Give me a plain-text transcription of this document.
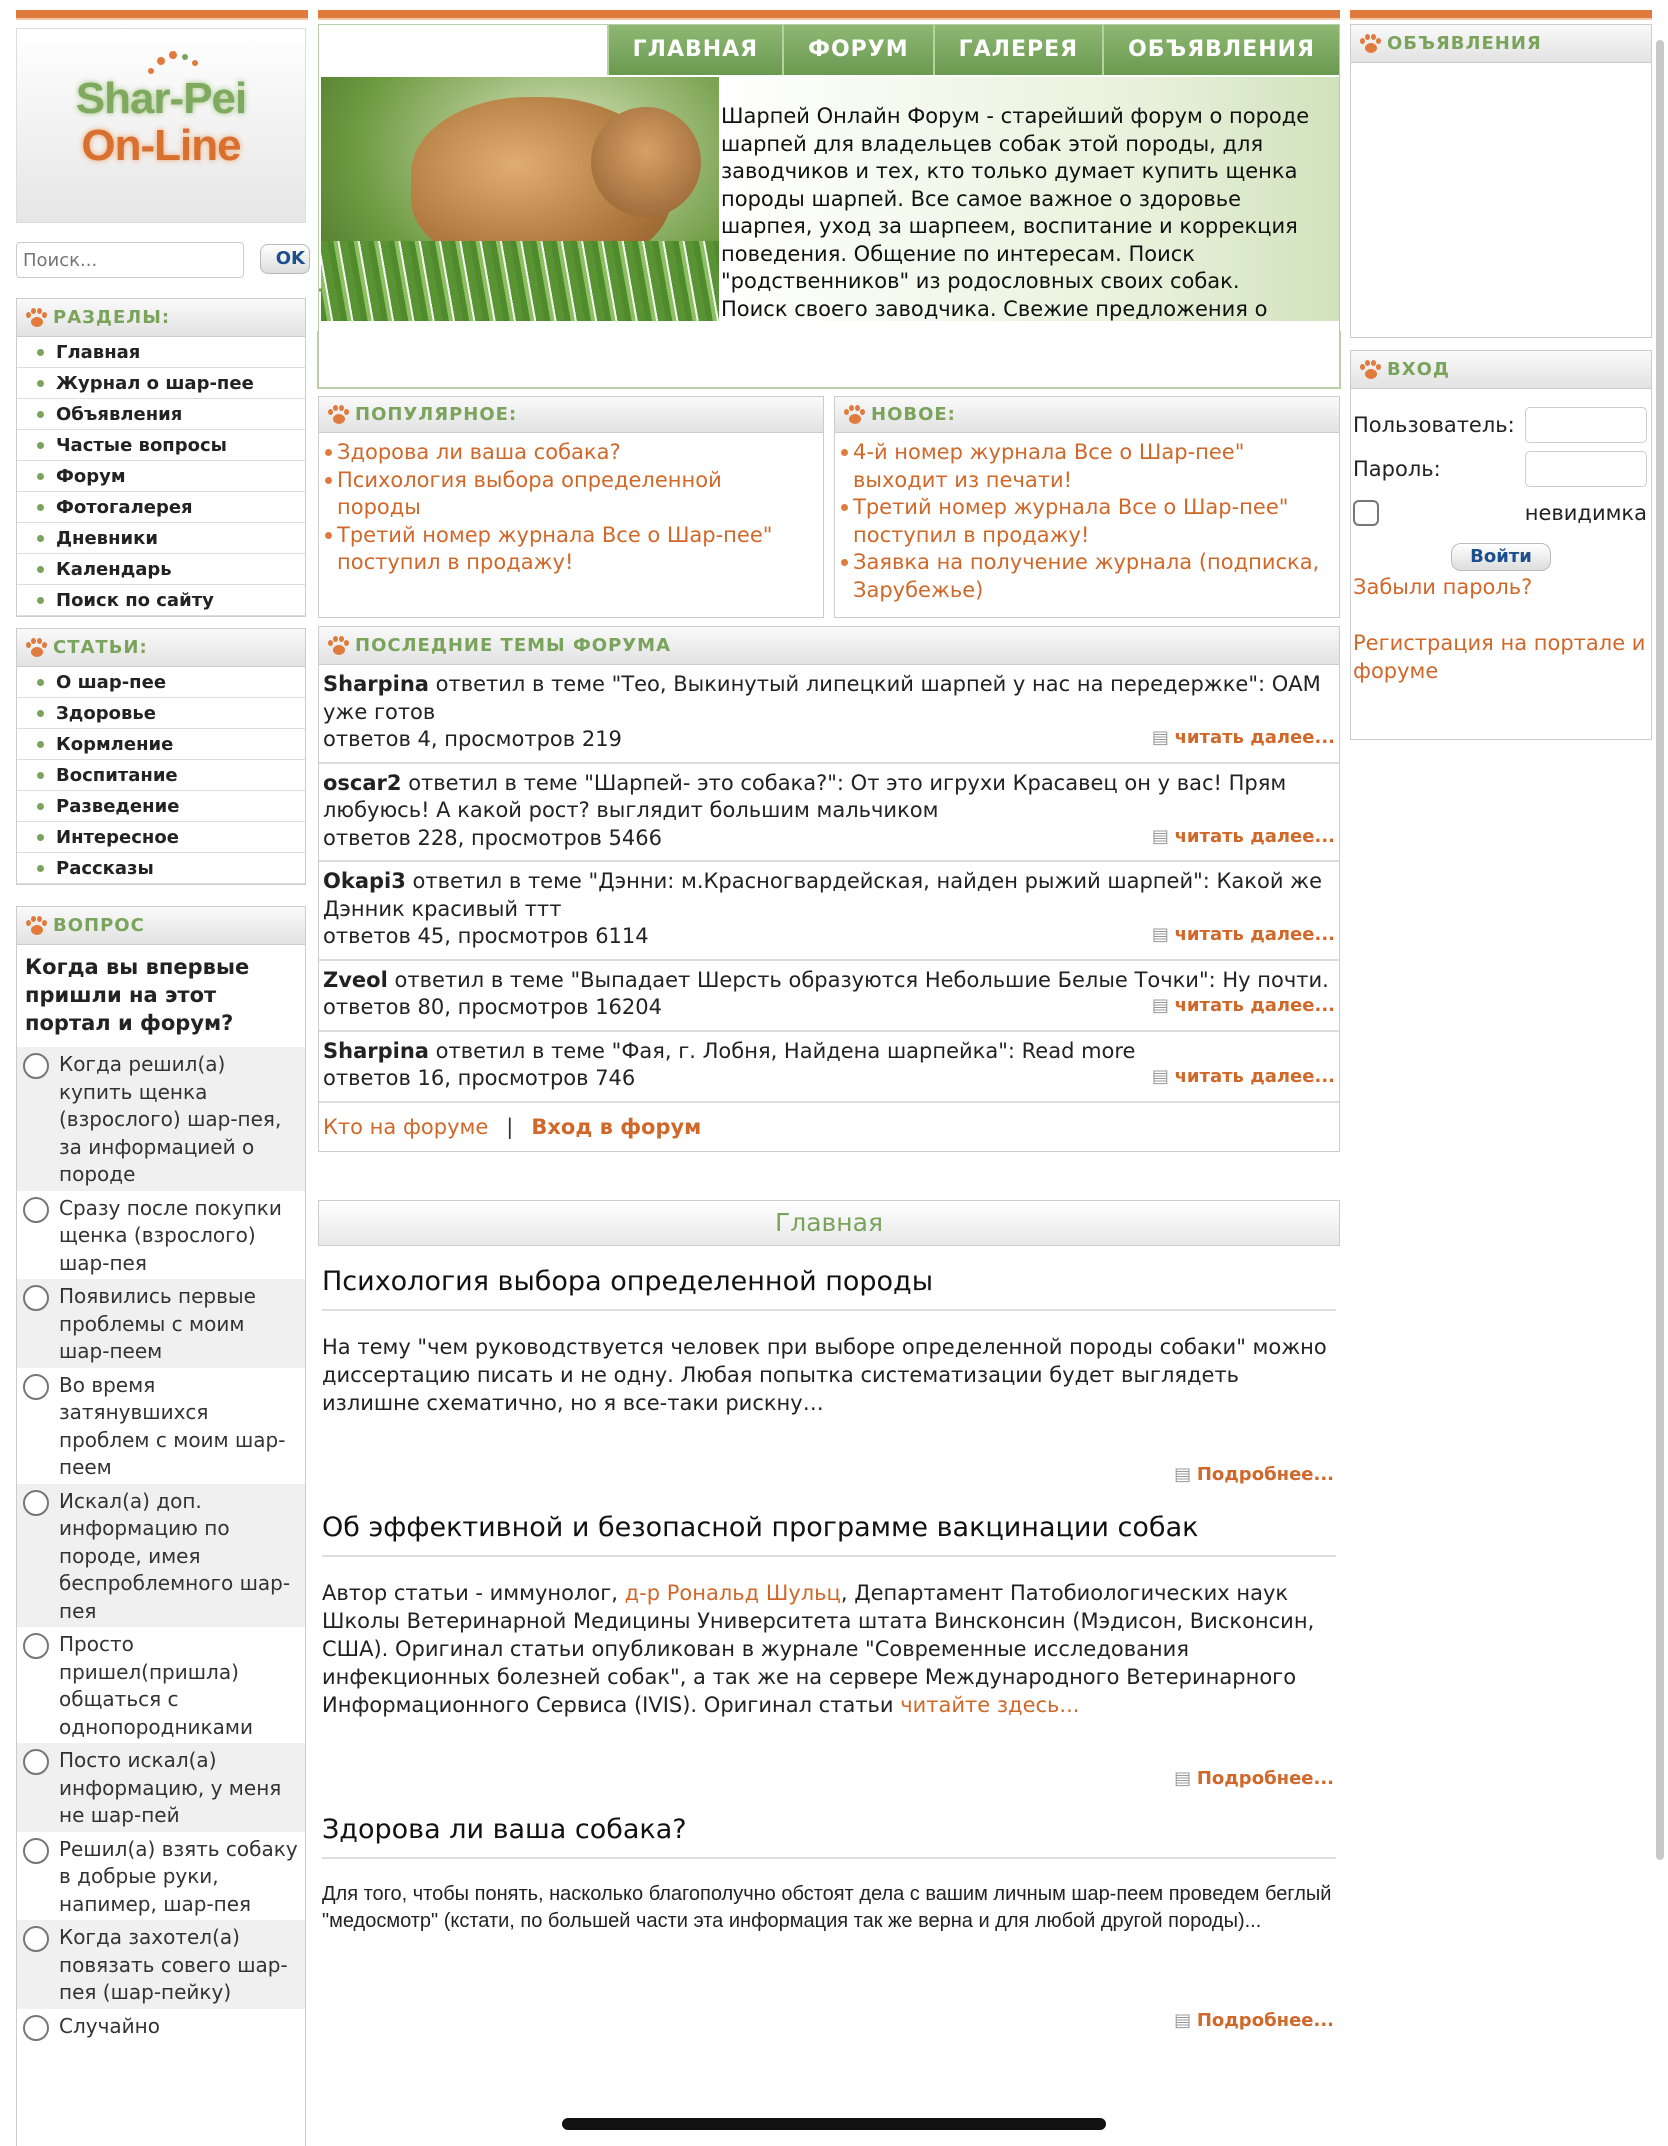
Shar-Pei
On-Line
Поиск...
OK
РАЗДЕЛЫ:
Главная
Журнал о шар-пее
Объявления
Частые вопросы
Форум
Фотогалерея
Дневники
Календарь
Поиск по сайту
СТАТЬИ:
О шар-пее
Здоровье
Кормление
Воспитание
Разведение
Интересное
Рассказы
ВОПРОС
Когда вы впервые пришли на этот портал и форум?
Когда решил(а) купить щенка (взрослого) шар-пея, за информацией о породе
Сразу после покупки щенка (взрослого) шар-пея
Появились первые проблемы с моим шар-пеем
Во время затянувшихся проблем с моим шар-пеем
Искал(а) доп. информацию по породе, имея беспроблемного шар-пея
Просто пришел(пришла) общаться с однопородниками
Посто искал(а) информацию, у меня не шар-пей
Решил(а) взять собаку в добрые руки, напимер, шар-пея
Когда захотел(а) повязать совего шар-пея (шар-пейку)
Случайно
ГЛАВНАЯ	ФОРУМ	ГАЛЕРЕЯ	ОБЪЯВЛЕНИЯ
Шарпей Онлайн Форум - старейший форум о породе шарпей для владельцев собак этой породы, для заводчиков и тех, кто только думает купить щенка породы шарпей. Все самое важное о здоровье шарпея, уход за шарпеем, воспитание и коррекция поведения. Общение по интересам. Поиск "родственников" из родословных своих собак. Поиск своего заводчика. Свежие предложения о
ПОПУЛЯРНОЕ:
Здорова ли ваша собака?
Психология выбора определенной породы
Третий номер журнала Все о Шар-пее" поступил в продажу!
НОВОЕ:
4-й номер журнала Все о Шар-пее" выходит из печати!
Третий номер журнала Все о Шар-пее" поступил в продажу!
Заявка на получение журнала (подписка, Зарубежье)
ПОСЛЕДНИЕ ТЕМЫ ФОРУМА
Sharpina ответил в теме "Тео, Выкинутый липецкий шарпей у нас на передержке": ОАМ уже готов
ответов 4, просмотров 219	▤ читать далее...
oscar2 ответил в теме "Шарпей- это собака?": От это игрухи Красавец он у вас! Прям любуюсь! А какой рост? выглядит большим мальчиком
ответов 228, просмотров 5466	▤ читать далее...
Okapi3 ответил в теме "Дэнни: м.Красногвардейская, найден рыжий шарпей": Какой же Дэнник красивый ттт
ответов 45, просмотров 6114	▤ читать далее...
Zveol ответил в теме "Выпадает Шерсть образуются Небольшие Белые Точки": Ну почти.
ответов 80, просмотров 16204	▤ читать далее...
Sharpina ответил в теме "Фая, г. Лобня, Найдена шарпейка": Read more
ответов 16, просмотров 746	▤ читать далее...
Кто на форуме | Вход в форум
Главная
Психология выбора определенной породы

На тему "чем руководствуется человек при выборе определенной породы собаки" можно диссертацию писать и не одну. Любая попытка систематизации будет выглядеть излишне схематично, но я все-таки рискну…

▤ Подробнее...
Об эффективной и безопасной программе вакцинации собак

Автор статьи - иммунолог, д-р Рональд Шульц, Департамент Патобиологических наук Школы Ветеринарной Медицины Университета штата Винсконсин (Мэдисон, Висконсин, США). Оригинал статьи опубликован в журнале "Современные исследования инфекционных болезней собак", а так же на сервере Международного Ветеринарного Информационного Сервиса (IVIS). Оригинал статьи читайте здесь...

▤ Подробнее...
Здорова ли ваша собака?

Для того, чтобы понять, насколько благополучно обстоят дела с вашим личным шар-пеем проведем беглый "медосмотр" (кстати, по большей части эта информация так же верна и для любой другой породы)...

▤ Подробнее...
ОБЪЯВЛЕНИЯ
ВХОД
Пользователь:
Пароль:
невидимка
Войти
Забыли пароль?
Регистрация на портале и форуме
